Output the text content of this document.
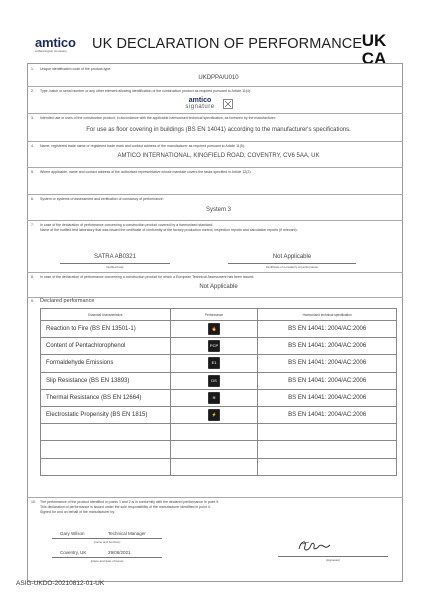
amtico
a Mannington Company	UK DECLARATION OF PERFORMANCE UK
CA
1. Unique identification code of the product-type:
UKDPPA/U010
2. Type, batch or serial number or any other element allowing identification of the construction product as required pursuant to Article 11(4):
amtico
signature
3. Intended use or uses of the construction product, in accordance with the applicable harmonised technical specification, as foreseen by the manufacturer:
For use as floor covering in buildings (BS EN 14041) according to the manufacturer's specifications.
4. Name, registered trade name or registered trade mark and contact address of the manufacturer as required pursuant to Article 11(5):
AMTICO INTERNATIONAL, KINGFIELD ROAD, COVENTRY, CV6 5AA, UK
5. Where applicable, name and contact address of the authorised representative whose mandate covers the tasks specified in Article 12(2):
6. System or systems of assessment and verification of constancy of performance:
System 3
7. In case of the declaration of performance concerning a construction product covered by a harmonised standard:
Name of the notified test laboratory that was issued the certificate of conformity of the factory production control, inspection reports and calculation reports (if relevant):
SATRA AB0321
Notified body
Not Applicable
Certificate of constancy of performance
8. In case of the declaration of performance concerning a construction product for which a European Technical Assessment has been issued:
Not Applicable
9. Declared performance
Essential characteristics	Performance	Harmonised technical specification
Reaction to Fire (BS EN 13501-1)	🔥	BS EN 14041: 2004/AC:2006
Content of Pentachlorophenol	PCP	BS EN 14041: 2004/AC:2006
Formaldehyde Emissions	E1	BS EN 14041: 2004/AC:2006
Slip Resistance (BS EN 13893)	DS	BS EN 14041: 2004/AC:2006
Thermal Resistance (BS EN 12664)	≋	BS EN 14041: 2004/AC:2006
Electrostatic Propensity (BS EN 1815)	⚡	BS EN 14041: 2004/AC:2006

10. The performance of the product identified in points 1 and 2 is in conformity with the declared performance in point 9.
This declaration of performance is issued under the sole responsibility of the manufacturer identified in point 4.
Signed for and on behalf of the manufacturer by:
Gary Wilson	Technical Manager
(name and function)
Coventry, UK	29/06/2021
(place and date of issue)	(signature)
ASIG-UKDO-20210812-01-UK
